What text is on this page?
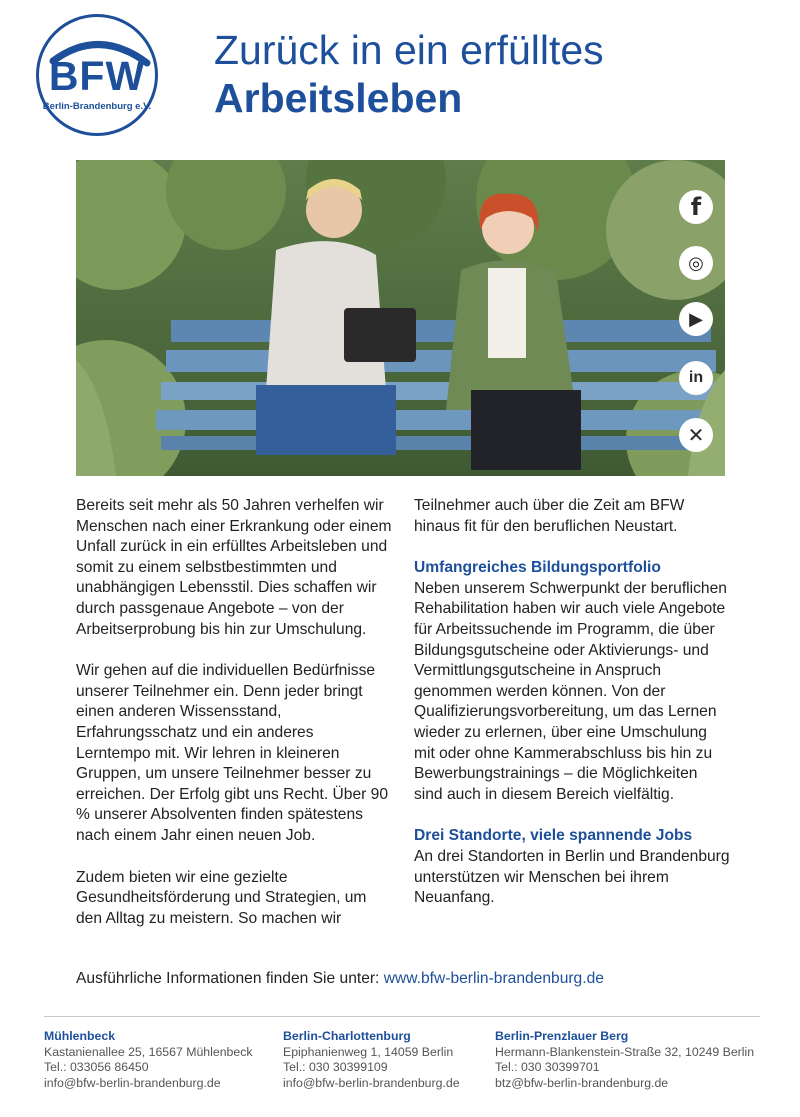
BFW
Berlin-Brandenburg e.V.
Zurück in ein erfülltes
Arbeitsleben
f
◎
▶
in
✕

Bereits seit mehr als 50 Jahren verhelfen wir Menschen nach einer Erkrankung oder einem Unfall zurück in ein erfülltes Arbeitsleben und somit zu einem selbstbestimmten und unabhängigen Lebensstil. Dies schaffen wir durch passgenaue Angebote – von der Arbeitserprobung bis hin zur Umschulung.

Wir gehen auf die individuellen Bedürfnisse unserer Teilnehmer ein. Denn jeder bringt einen anderen Wissensstand, Erfahrungsschatz und ein anderes Lerntempo mit. Wir lehren in kleineren Gruppen, um unsere Teilnehmer besser zu erreichen. Der Erfolg gibt uns Recht. Über 90 % unserer Absolventen finden spätestens nach einem Jahr einen neuen Job.

Zudem bieten wir eine gezielte Gesundheitsförderung und Strategien, um den Alltag zu meistern. So machen wir

Teilnehmer auch über die Zeit am BFW hinaus fit für den beruflichen Neustart.

Umfangreiches Bildungsportfolio

Neben unserem Schwerpunkt der beruflichen Rehabilitation haben wir auch viele Angebote für Arbeitssuchende im Programm, die über Bildungsgutscheine oder Aktivierungs- und Vermittlungsgutscheine in Anspruch genommen werden können. Von der Qualifizierungsvorbereitung, um das Lernen wieder zu erlernen, über eine Umschulung mit oder ohne Kammerabschluss bis hin zu Bewerbungstrainings – die Möglichkeiten sind auch in diesem Bereich vielfältig.

Drei Standorte, viele spannende Jobs

An drei Standorten in Berlin und Brandenburg unterstützen wir Menschen bei ihrem Neuanfang.

Ausführliche Informationen finden Sie unter: www.bfw-berlin-brandenburg.de
Mühlenbeck
Kastanienallee 25, 16567 Mühlenbeck
Tel.: 033056 86450
info@bfw-berlin-brandenburg.de
Berlin-Charlottenburg
Epiphanienweg 1, 14059 Berlin
Tel.: 030 30399109
info@bfw-berlin-brandenburg.de
Berlin-Prenzlauer Berg
Hermann-Blankenstein-Straße 32, 10249 Berlin
Tel.: 030 30399701
btz@bfw-berlin-brandenburg.de
